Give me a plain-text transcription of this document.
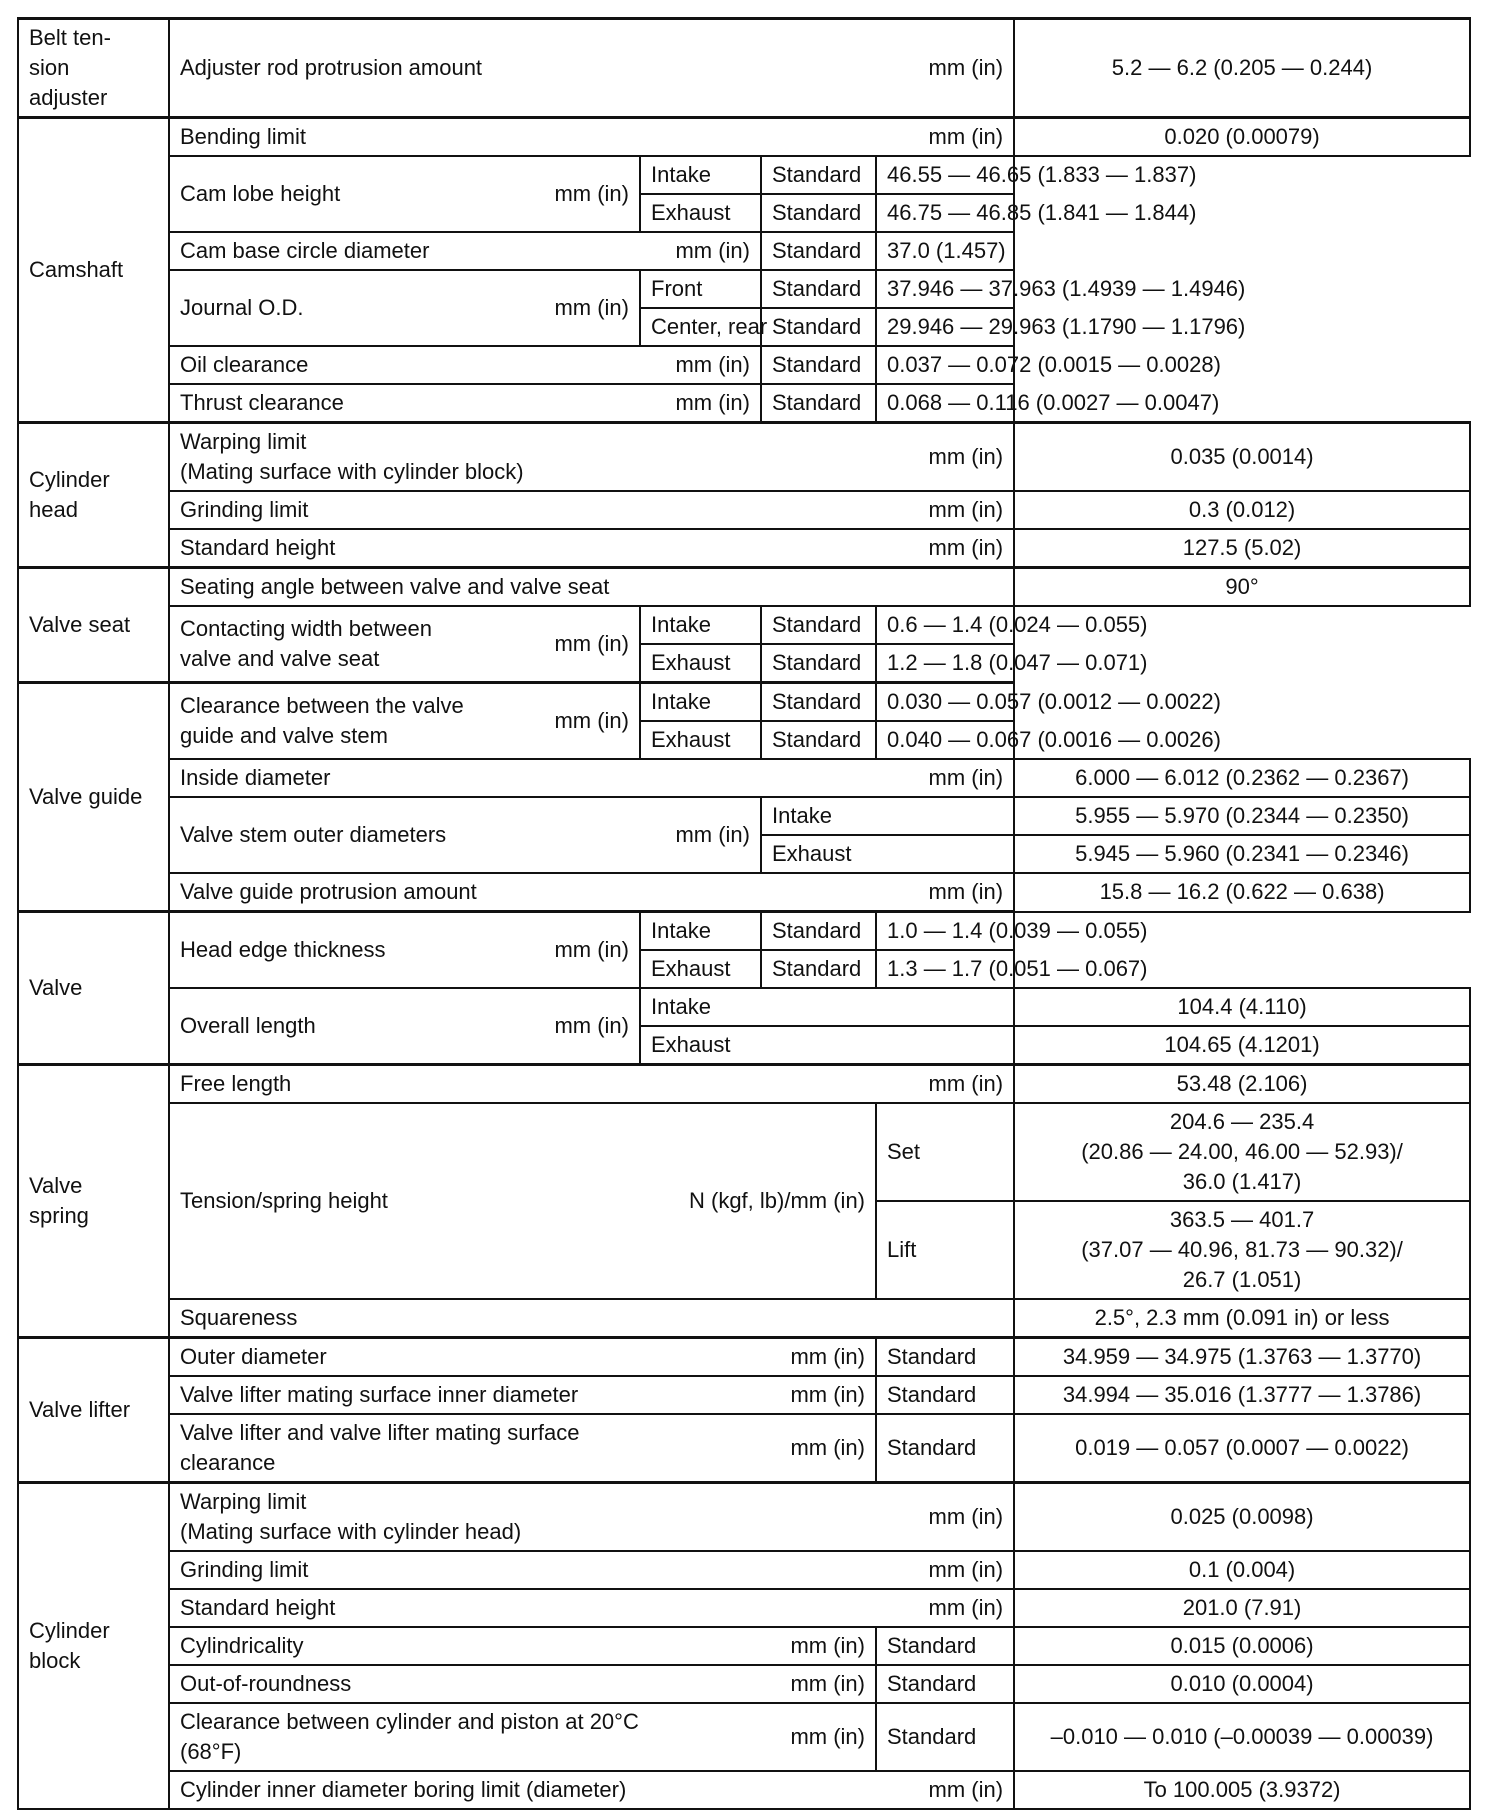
Belt ten-
sion
adjuster	Adjuster rod protrusion amount mm (in)				5.2 — 6.2 (0.205 — 0.244)
Camshaft	Bending limit mm (in)				0.020 (0.00079)

	Cam lobe height mm (in)	Intake	Standard	46.55 — 46.65 (1.833 — 1.837)	
		Exhaust	Standard	46.75 — 46.85 (1.841 — 1.844)	

	Cam base circle diameter mm (in)		Standard	37.0 (1.457)	

	Journal O.D. mm (in)	Front	Standard	37.946 — 37.963 (1.4939 — 1.4946)	
		Center, rear	Standard	29.946 — 29.963 (1.1790 — 1.1796)	

	Oil clearance mm (in)		Standard	0.037 — 0.072 (0.0015 — 0.0028)	

	Thrust clearance mm (in)		Standard	0.068 — 0.116 (0.0027 — 0.0047)	
Cylinder
head	Warping limit
(Mating surface with cylinder block)
mm (in)				0.035 (0.0014)

	Grinding limit mm (in)				0.3 (0.012)

	Standard height mm (in)				127.5 (5.02)
Valve seat	Seating angle between valve and valve seat				90°

	Contacting width between
valve and valve seat
mm (in)	Intake	Standard	0.6 — 1.4 (0.024 — 0.055)	
		Exhaust	Standard	1.2 — 1.8 (0.047 — 0.071)	
Valve guide	Clearance between the valve
guide and valve stem
mm (in)	Intake	Standard	0.030 — 0.057 (0.0012 — 0.0022)	
		Exhaust	Standard	0.040 — 0.067 (0.0016 — 0.0026)	

	Inside diameter mm (in)				6.000 — 6.012 (0.2362 — 0.2367)

	Valve stem outer diameters mm (in)		Intake		5.955 — 5.970 (0.2344 — 0.2350)
			Exhaust		5.945 — 5.960 (0.2341 — 0.2346)

	Valve guide protrusion amount mm (in)				15.8 — 16.2 (0.622 — 0.638)
Valve	Head edge thickness mm (in)	Intake	Standard	1.0 — 1.4 (0.039 — 0.055)	
		Exhaust	Standard	1.3 — 1.7 (0.051 — 0.067)	

	Overall length mm (in)	Intake			104.4 (4.110)
		Exhaust			104.65 (4.1201)
Valve
spring	Free length mm (in)				53.48 (2.106)

	Tension/spring height N (kgf, lb)/mm (in)			Set	204.6 — 235.4
(20.86 — 24.00, 46.00 — 52.93)/
36.0 (1.417)
				Lift	363.5 — 401.7
(37.07 — 40.96, 81.73 — 90.32)/
26.7 (1.051)
	Squareness				2.5°, 2.3 mm (0.091 in) or less
Valve lifter	Outer diameter mm (in)			Standard	34.959 — 34.975 (1.3763 — 1.3770)

	Valve lifter mating surface inner diameter mm (in)			Standard	34.994 — 35.016 (1.3777 — 1.3786)

	Valve lifter and valve lifter mating surface
clearance
mm (in)			Standard	0.019 — 0.057 (0.0007 — 0.0022)
Cylinder
block	Warping limit
(Mating surface with cylinder head)
mm (in)				0.025 (0.0098)

	Grinding limit mm (in)				0.1 (0.004)

	Standard height mm (in)				201.0 (7.91)

	Cylindricality mm (in)			Standard	0.015 (0.0006)

	Out-of-roundness mm (in)			Standard	0.010 (0.0004)

	Clearance between cylinder and piston at 20°C
(68°F)
mm (in)			Standard	–0.010 — 0.010 (–0.00039 — 0.00039)

	Cylinder inner diameter boring limit (diameter) mm (in)				To 100.005 (3.9372)
